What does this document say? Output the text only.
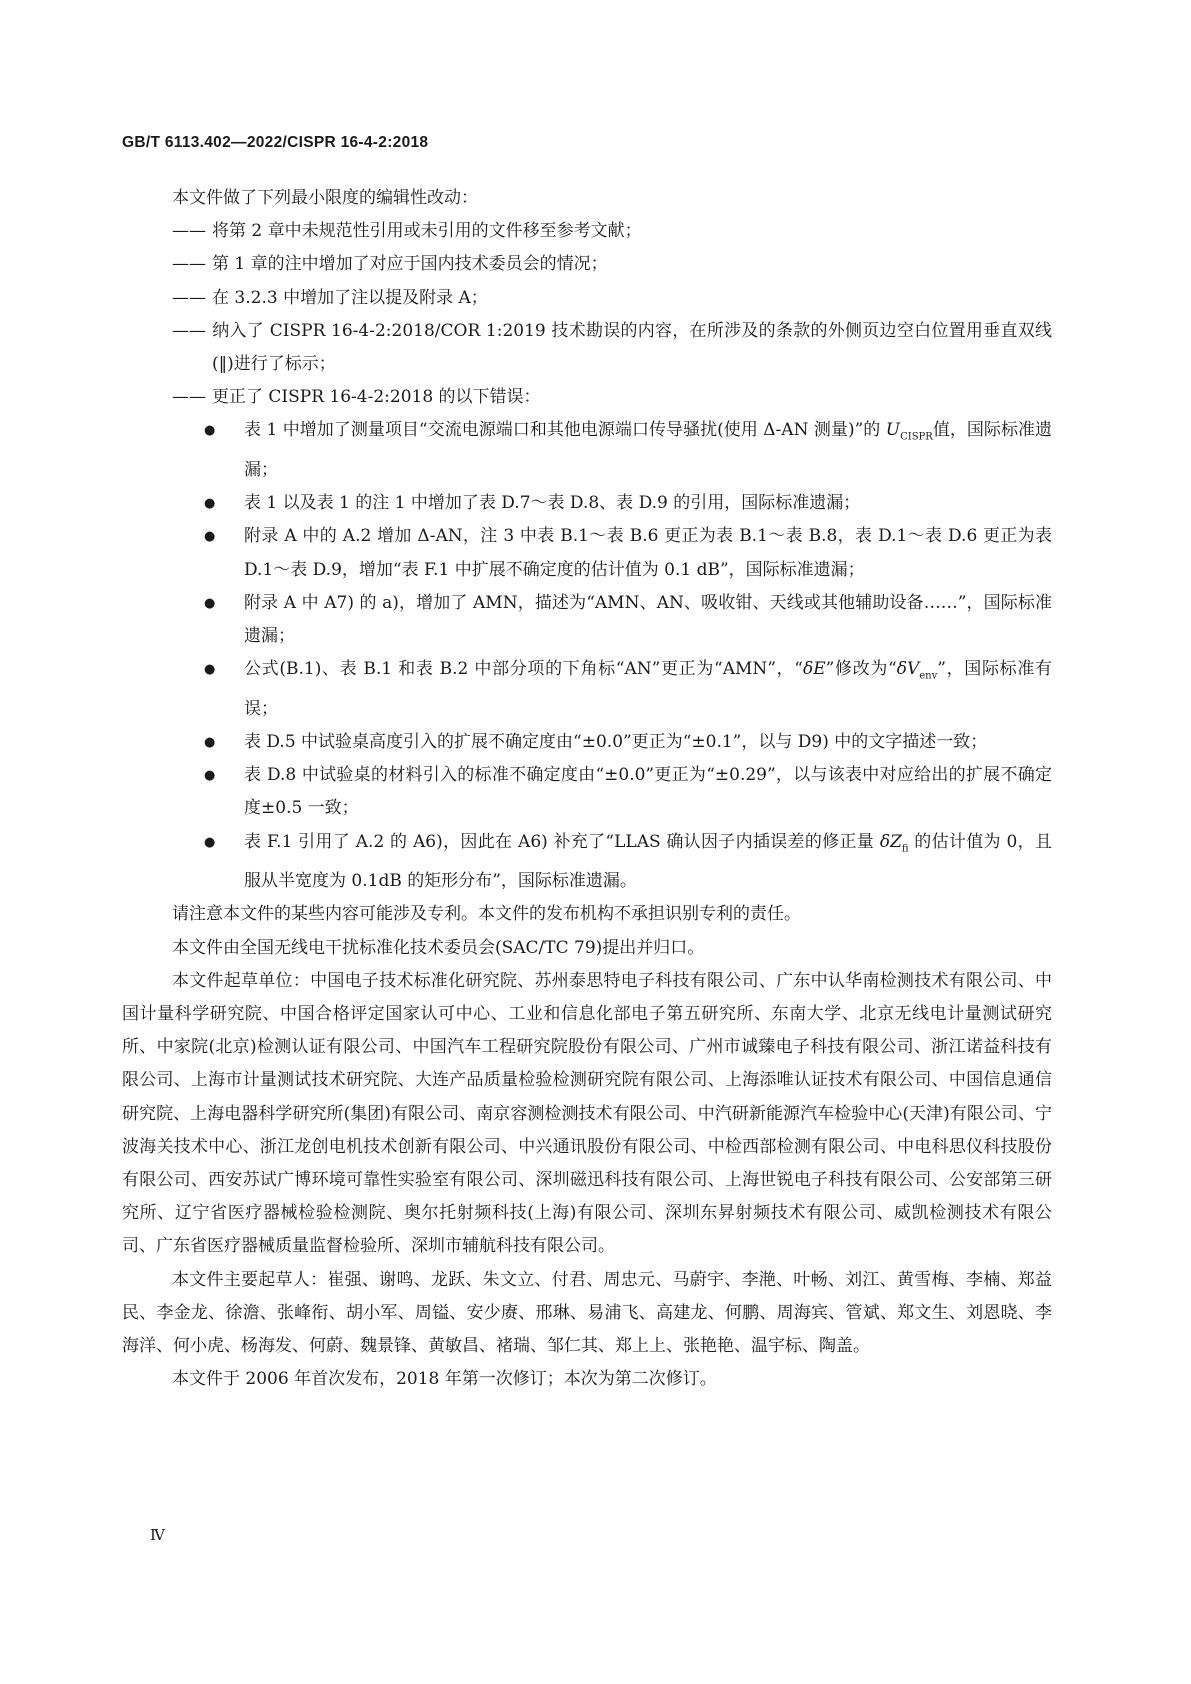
GB/T 6113.402—2022/CISPR 16-4-2:2018

本文件做了下列最小限度的编辑性改动：

—— 将第 2 章中未规范性引用或未引用的文件移至参考文献；

—— 第 1 章的注中增加了对应于国内技术委员会的情况；

—— 在 3.2.3 中增加了注以提及附录 A；

—— 纳入了 CISPR 16-4-2:2018/COR 1:2019 技术勘误的内容，在所涉及的条款的外侧页边空白位置用垂直双线(‖)进行了标示；

—— 更正了 CISPR 16-4-2:2018 的以下错误：

● 表 1 中增加了测量项目“交流电源端口和其他电源端口传导骚扰(使用 Δ-AN 测量)”的 $U_{CISPR}$值，国际标准遗漏；
● 表 1 以及表 1 的注 1 中增加了表 D.7～表 D.8、表 D.9 的引用，国际标准遗漏；
● 附录 A 中的 A.2 增加 Δ-AN，注 3 中表 B.1～表 B.6 更正为表 B.1～表 B.8，表 D.1～表 D.6 更正为表 D.1～表 D.9，增加“表 F.1 中扩展不确定度的估计值为 0.1 dB”，国际标准遗漏；
● 附录 A 中 A7) 的 a)，增加了 AMN，描述为“AMN、AN、吸收钳、天线或其他辅助设备……”，国际标准遗漏；
● 公式(B.1)、表 B.1 和表 B.2 中部分项的下角标“AN”更正为“AMN”，“δE”修改为“$\delta V_{env}$”，国际标准有误；
● 表 D.5 中试验桌高度引入的扩展不确定度由“±0.0”更正为“±0.1”，以与 D9) 中的文字描述一致；
● 表 D.8 中试验桌的材料引入的标准不确定度由“±0.0”更正为“±0.29”，以与该表中对应给出的扩展不确定度±0.5 一致；
● 表 F.1 引用了 A.2 的 A6)，因此在 A6) 补充了“LLAS 确认因子内插误差的修正量 $\delta Z_{fi}$ 的估计值为 0，且服从半宽度为 0.1dB 的矩形分布”，国际标准遗漏。

请注意本文件的某些内容可能涉及专利。本文件的发布机构不承担识别专利的责任。

本文件由全国无线电干扰标准化技术委员会(SAC/TC 79)提出并归口。

本文件起草单位：中国电子技术标准化研究院、苏州泰思特电子科技有限公司、广东中认华南检测技术有限公司、中国计量科学研究院、中国合格评定国家认可中心、工业和信息化部电子第五研究所、东南大学、北京无线电计量测试研究所、中家院(北京)检测认证有限公司、中国汽车工程研究院股份有限公司、广州市诚臻电子科技有限公司、浙江诺益科技有限公司、上海市计量测试技术研究院、大连产品质量检验检测研究院有限公司、上海添唯认证技术有限公司、中国信息通信研究院、上海电器科学研究所(集团)有限公司、南京容测检测技术有限公司、中汽研新能源汽车检验中心(天津)有限公司、宁波海关技术中心、浙江龙创电机技术创新有限公司、中兴通讯股份有限公司、中检西部检测有限公司、中电科思仪科技股份有限公司、西安苏试广博环境可靠性实验室有限公司、深圳磁迅科技有限公司、上海世锐电子科技有限公司、公安部第三研究所、辽宁省医疗器械检验检测院、奥尔托射频科技(上海)有限公司、深圳东昇射频技术有限公司、威凯检测技术有限公司、广东省医疗器械质量监督检验所、深圳市辅航科技有限公司。

本文件主要起草人：崔强、谢鸣、龙跃、朱文立、付君、周忠元、马蔚宇、李滟、叶畅、刘江、黄雪梅、李楠、郑益民、李金龙、徐澹、张峰衔、胡小军、周镒、安少赓、邢琳、易浦飞、高建龙、何鹏、周海宾、管斌、郑文生、刘恩晓、李海洋、何小虎、杨海发、何蔚、魏景锋、黄敏昌、褚瑞、邹仁其、郑上上、张艳艳、温宇标、陶盖。

本文件于 2006 年首次发布，2018 年第一次修订；本次为第二次修订。

Ⅳ
